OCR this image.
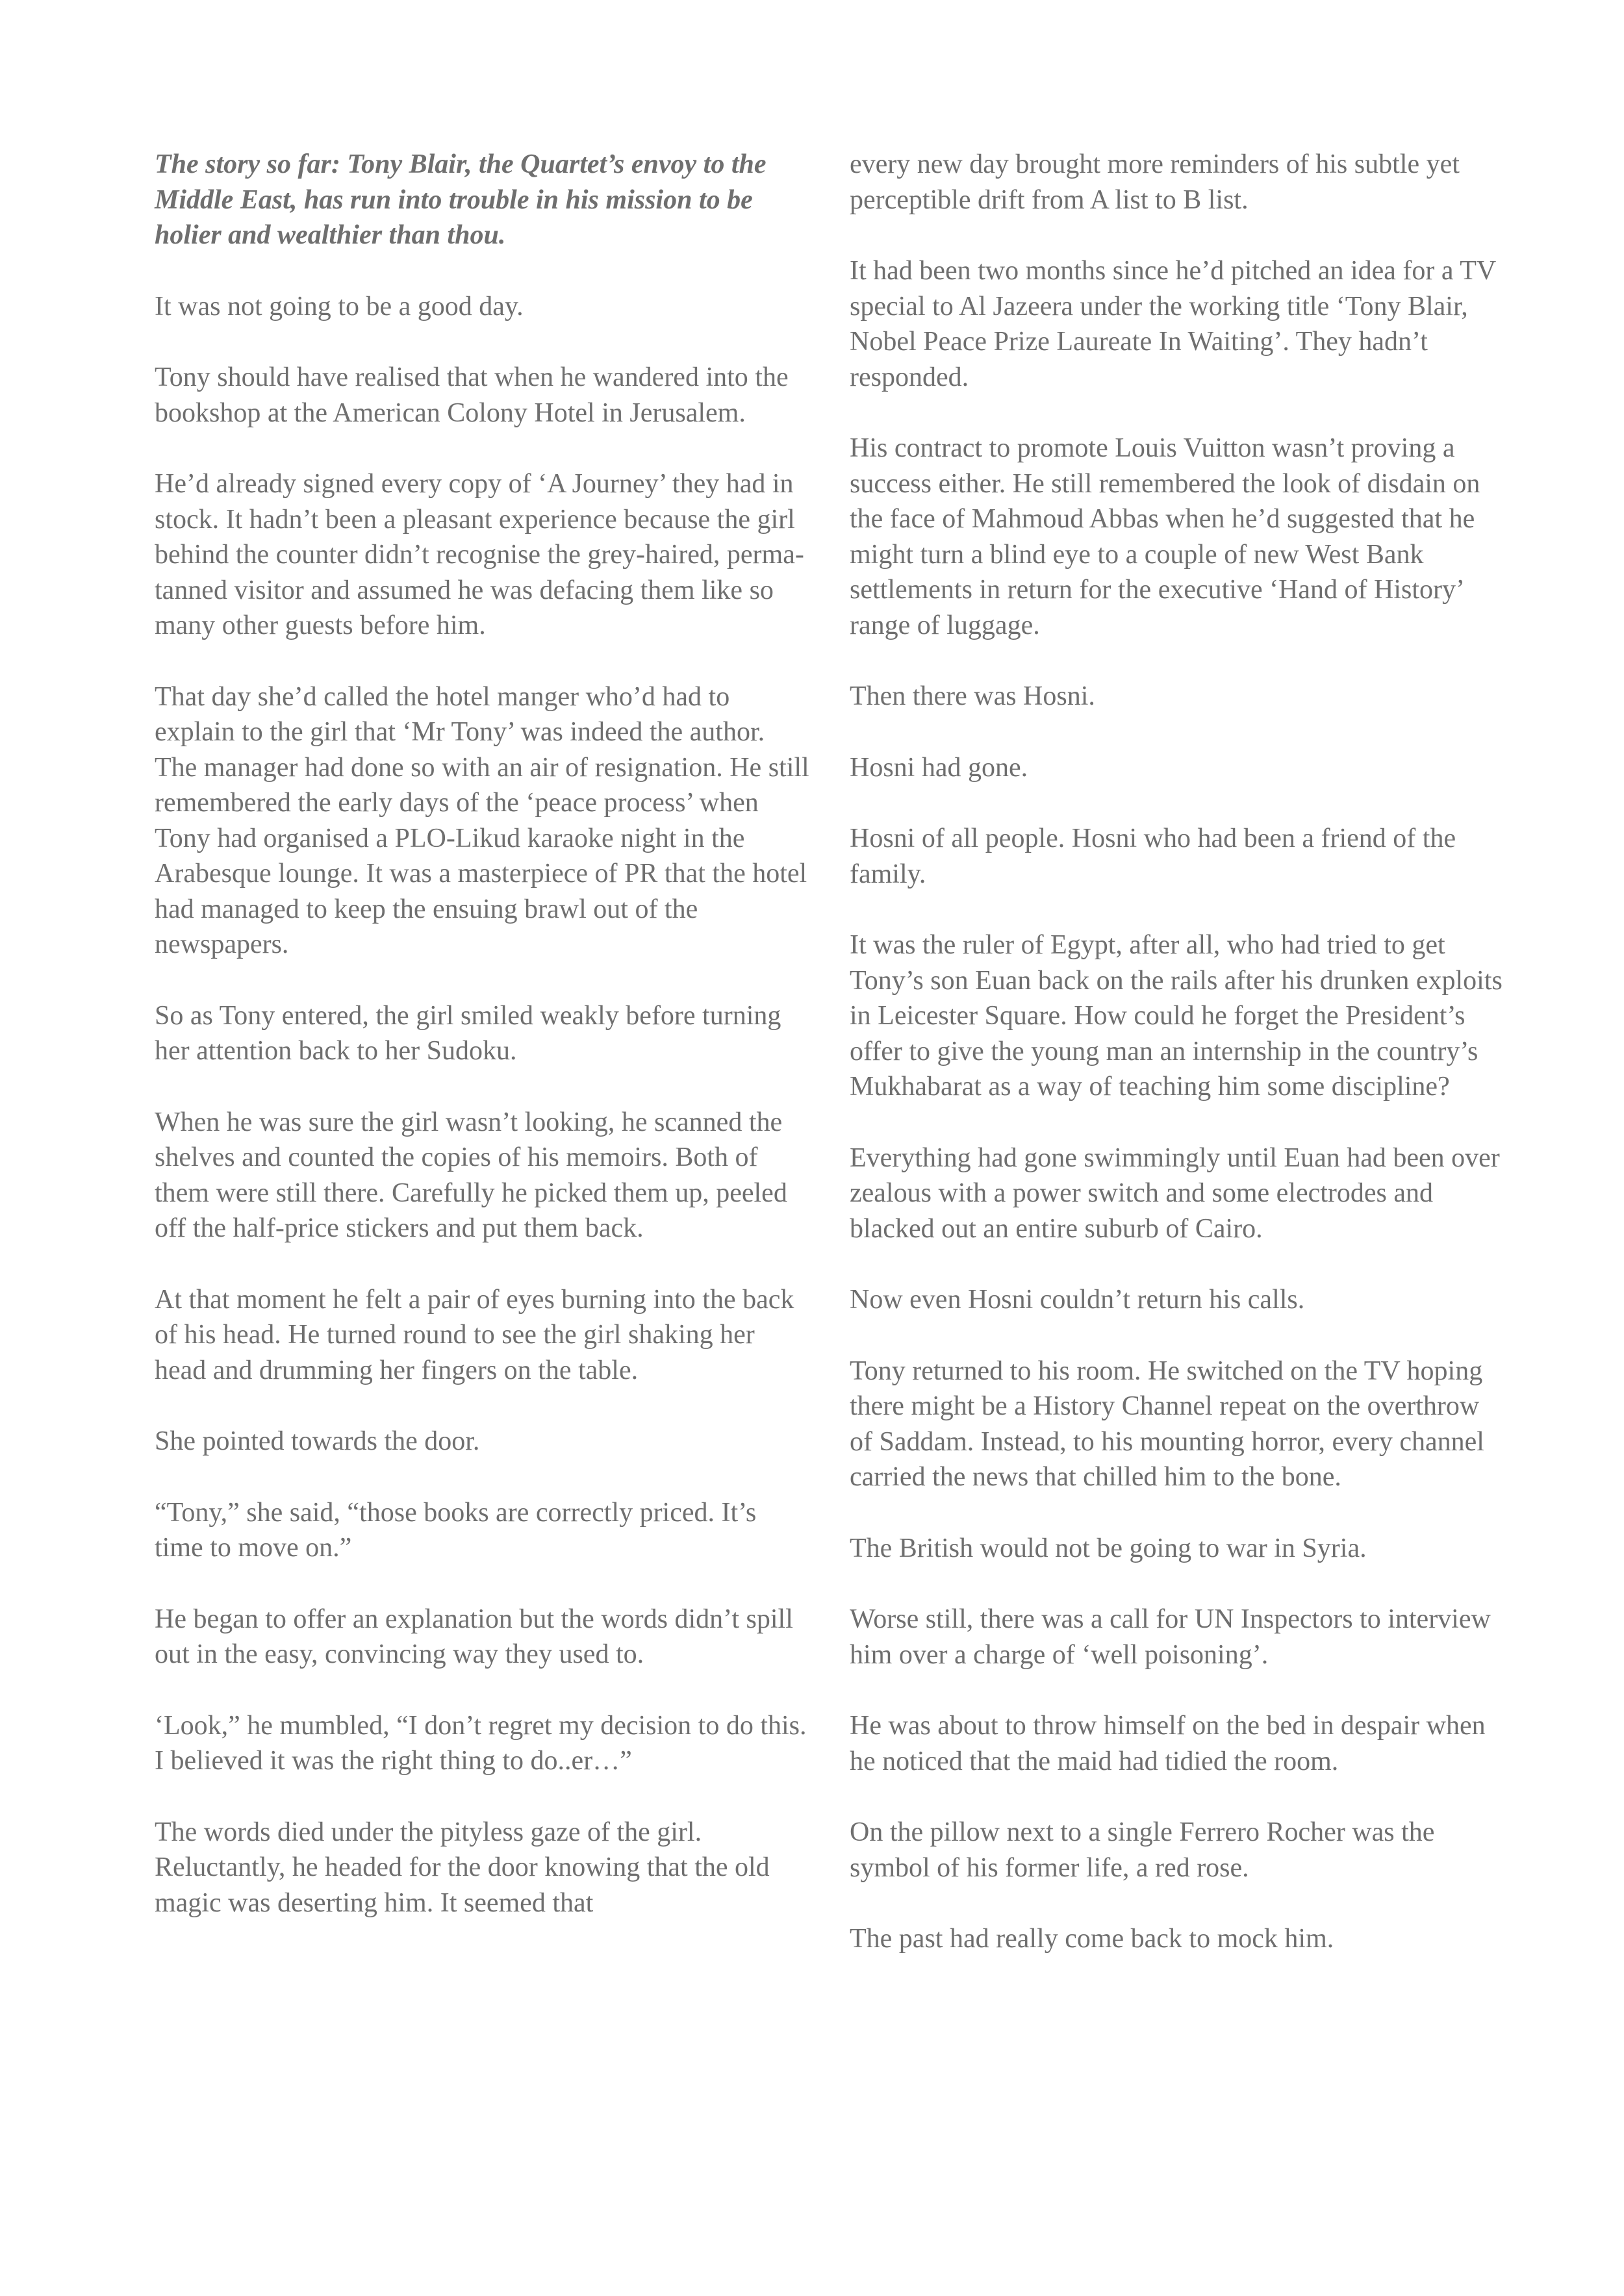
The story so far: Tony Blair, the Quartet’s envoy to the Middle East, has run into trouble in his mission to be holier and wealthier than thou.

It was not going to be a good day.

Tony should have realised that when he wandered into the bookshop at the American Colony Hotel in Jerusalem.

He’d already signed every copy of ‘A Journey’ they had in stock. It hadn’t been a pleasant experience because the girl behind the counter didn’t recognise the grey-haired, perma-tanned visitor and assumed he was defacing them like so many other guests before him.

That day she’d called the hotel manger who’d had to explain to the girl that ‘Mr Tony’ was indeed the author. The manager had done so with an air of resignation. He still remembered the early days of the ‘peace process’ when Tony had organised a PLO-Likud karaoke night in the Arabesque lounge. It was a masterpiece of PR that the hotel had managed to keep the ensuing brawl out of the newspapers.

So as Tony entered, the girl smiled weakly before turning her attention back to her Sudoku.

When he was sure the girl wasn’t looking, he scanned the shelves and counted the copies of his memoirs. Both of them were still there. Carefully he picked them up, peeled off the half-price stickers and put them back.

At that moment he felt a pair of eyes burning into the back of his head. He turned round to see the girl shaking her head and drumming her fingers on the table.

She pointed towards the door.

“Tony,” she said, “those books are correctly priced. It’s time to move on.”

He began to offer an explanation but the words didn’t spill out in the easy, convincing way they used to.

‘Look,” he mumbled, “I don’t regret my decision to do this. I believed it was the right thing to do..er…”

The words died under the pityless gaze of the girl. Reluctantly, he headed for the door knowing that the old magic was deserting him. It seemed that

every new day brought more reminders of his subtle yet perceptible drift from A list to B list.

It had been two months since he’d pitched an idea for a TV special to Al Jazeera under the working title ‘Tony Blair, Nobel Peace Prize Laureate In Waiting’. They hadn’t responded.

His contract to promote Louis Vuitton wasn’t proving a success either. He still remembered the look of disdain on the face of Mahmoud Abbas when he’d suggested that he might turn a blind eye to a couple of new West Bank settlements in return for the executive ‘Hand of History’ range of luggage.

Then there was Hosni.

Hosni had gone.

Hosni of all people. Hosni who had been a friend of the family.

It was the ruler of Egypt, after all, who had tried to get Tony’s son Euan back on the rails after his drunken exploits in Leicester Square. How could he forget the President’s offer to give the young man an internship in the country’s Mukhabarat as a way of teaching him some discipline?

Everything had gone swimmingly until Euan had been over zealous with a power switch and some electrodes and blacked out an entire suburb of Cairo.

Now even Hosni couldn’t return his calls.

Tony returned to his room. He switched on the TV hoping there might be a History Channel repeat on the overthrow of Saddam. Instead, to his mounting horror, every channel carried the news that chilled him to the bone.

The British would not be going to war in Syria.

Worse still, there was a call for UN Inspectors to interview him over a charge of ‘well poisoning’.

He was about to throw himself on the bed in despair when he noticed that the maid had tidied the room.

On the pillow next to a single Ferrero Rocher was the symbol of his former life, a red rose.

The past had really come back to mock him.
